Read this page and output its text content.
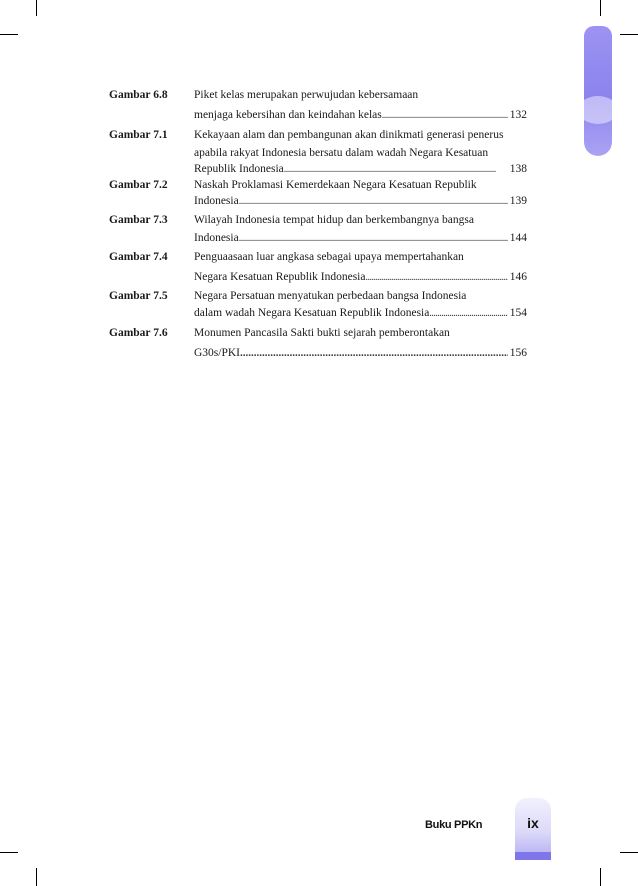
Gambar 6.8 Piket kelas merupakan perwujudan kebersamaan
menjaga kebersihan dan keindahan kelas .....	132
Gambar 7.1 Kekayaan alam dan pembangunan akan dinikmati generasi penerus
apabila rakyat Indonesia bersatu dalam wadah Negara Kesatuan
Republik Indonesia .....	138
Gambar 7.2 Naskah Proklamasi Kemerdekaan Negara Kesatuan Republik
Indonesia .....	139
Gambar 7.3 Wilayah Indonesia tempat hidup dan berkembangnya bangsa
Indonesia .....	144
Gambar 7.4 Penguaasaan luar angkasa sebagai upaya mempertahankan
Negara Kesatuan Republik Indonesia .....	146
Gambar 7.5 Negara Persatuan menyatukan perbedaan bangsa Indonesia
dalam wadah Negara Kesatuan Republik Indonesia .....	154
Gambar 7.6 Monumen Pancasila Sakti bukti sejarah pemberontakan
G30s/PKI .....	156
Buku PPKn	ix
